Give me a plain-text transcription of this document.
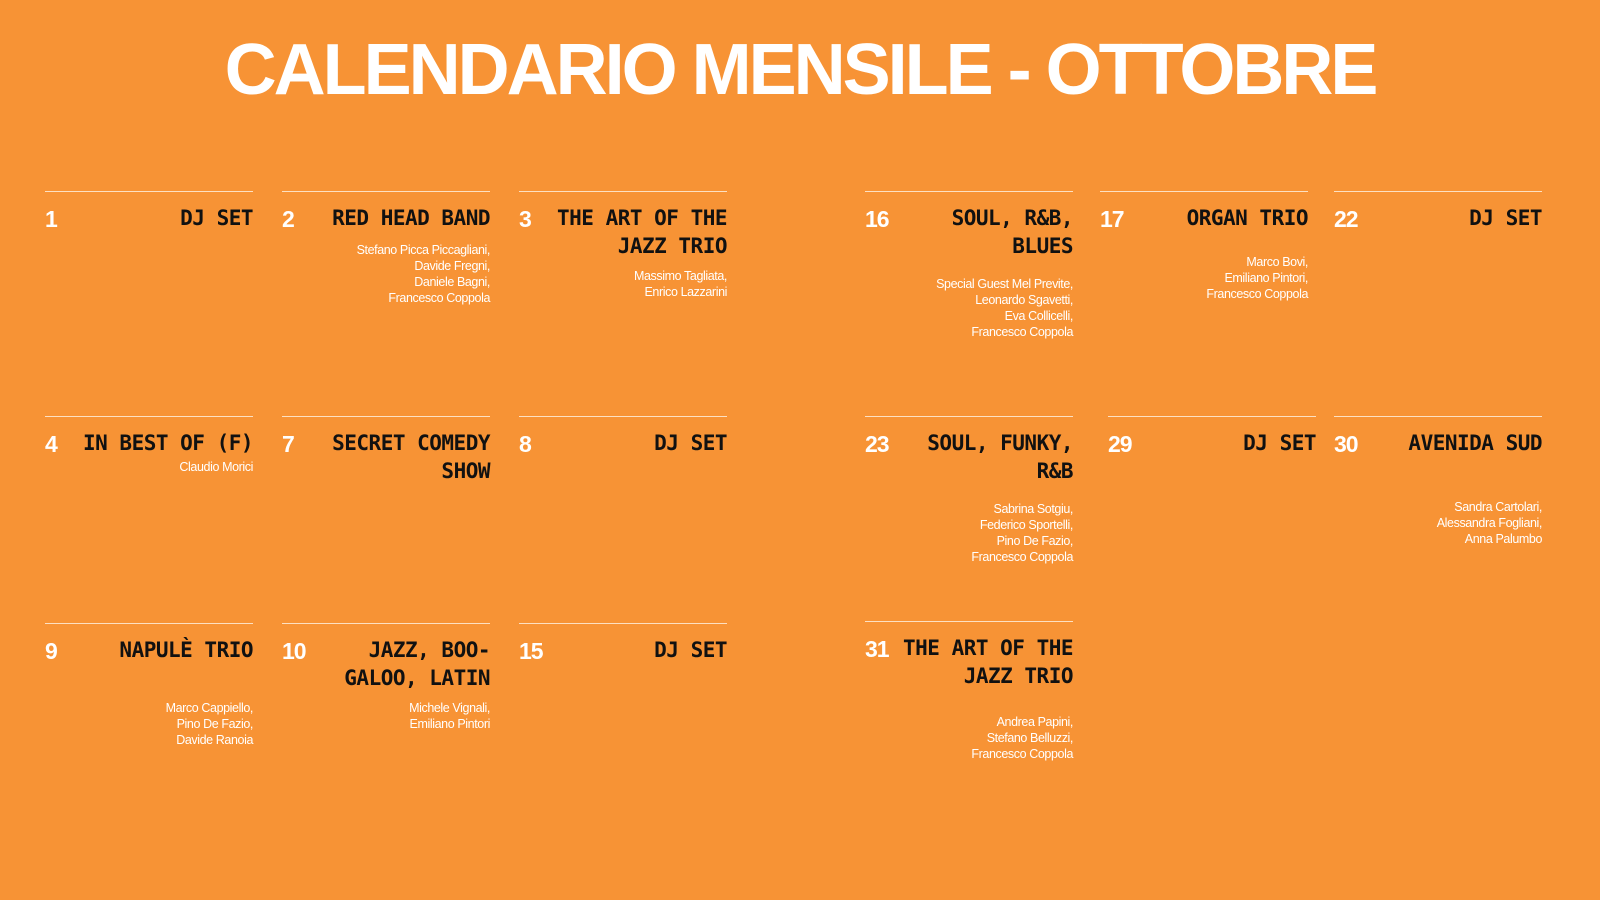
CALENDARIO MENSILE - OTTOBRE
1	DJ SET
4 IN BEST OF (F)
Claudio Morici
9	NAPULÈ TRIO
Marco Cappiello,
Pino De Fazio,
Davide Ranoia
2	RED HEAD BAND
Stefano Picca Piccagliani,
Davide Fregni,
Daniele Bagni,
Francesco Coppola
7	SECRET COMEDY SHOW
10	JAZZ, BOO-GALOO, LATIN
Michele Vignali,
Emiliano Pintori
3 THE ART OF THE JAZZ TRIO
Massimo Tagliata,
Enrico Lazzarini
8	DJ SET
15	DJ SET
16	SOUL, R&B, BLUES
Special Guest Mel Previte,
Leonardo Sgavetti,
Eva Collicelli,
Francesco Coppola
23	SOUL, FUNKY, R&B
Sabrina Sotgiu,
Federico Sportelli,
Pino De Fazio,
Francesco Coppola
31 THE ART OF THE JAZZ TRIO
Andrea Papini,
Stefano Belluzzi,
Francesco Coppola
17	ORGAN TRIO
Marco Bovi,
Emiliano Pintori,
Francesco Coppola
29	DJ SET
22	DJ SET
30	AVENIDA SUD
Sandra Cartolari,
Alessandra Fogliani,
Anna Palumbo
